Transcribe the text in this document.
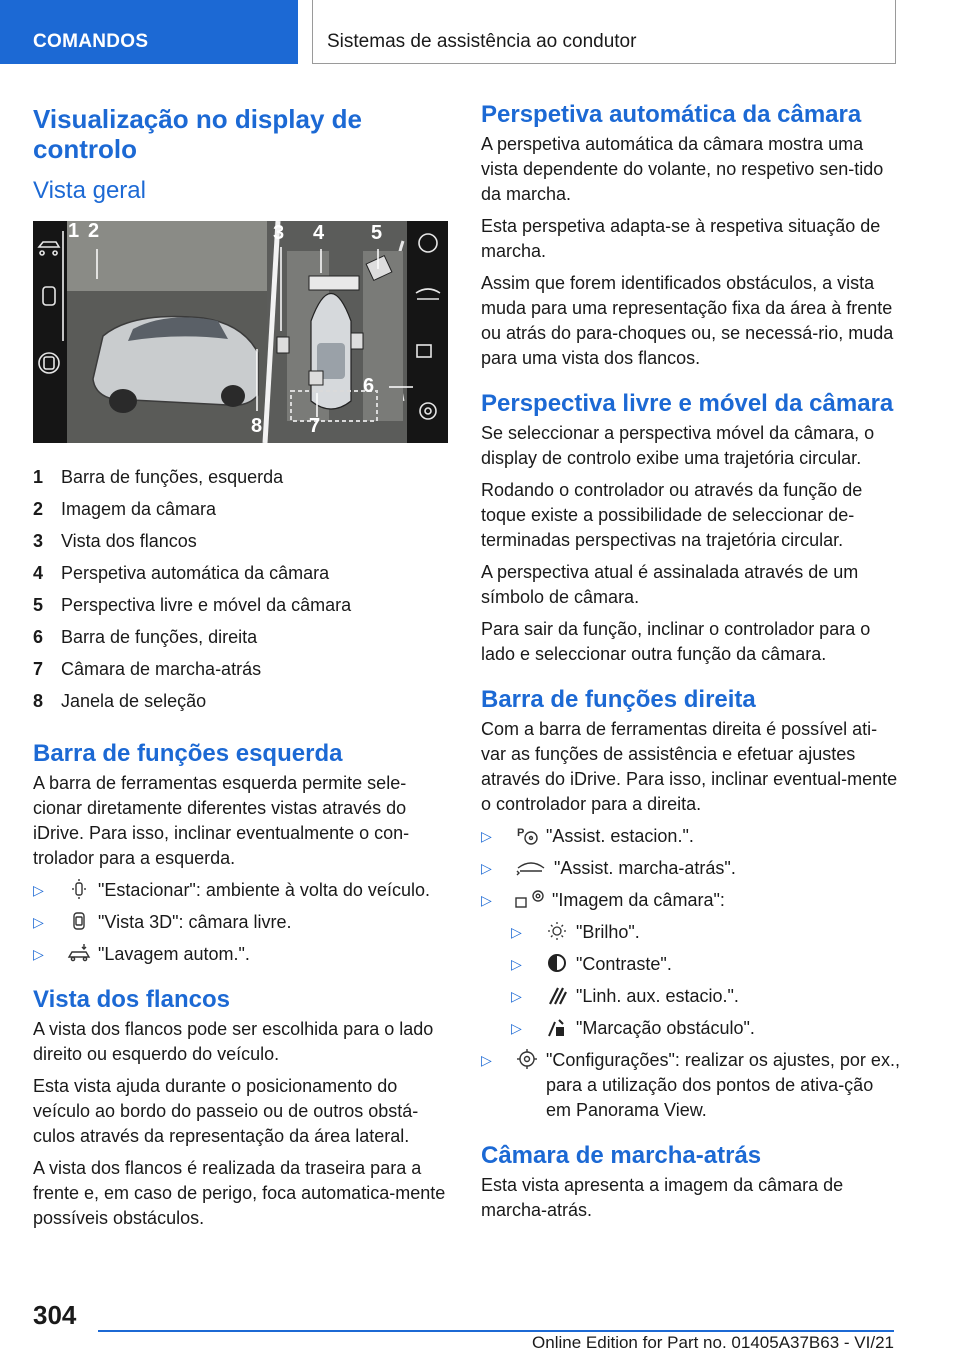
COMANDOS	Sistemas de assistência ao condutor
Visualização no display de controlo
Vista geral
1 2	3 4 5
6
7
8
1 Barra de funções, esquerda
2 Imagem da câmara
3 Vista dos flancos
4 Perspetiva automática da câmara
5 Perspectiva livre e móvel da câmara
6 Barra de funções, direita
7 Câmara de marcha-atrás
8 Janela de seleção
Barra de funções esquerda

A barra de ferramentas esquerda permite sele‐cionar diretamente diferentes vistas através do iDrive. Para isso, inclinar eventualmente o con‐trolador para a esquerda.

▷	"Estacionar": ambiente à volta do veículo.
▷	"Vista 3D": câmara livre.
▷	"Lavagem autom.".
Vista dos flancos

A vista dos flancos pode ser escolhida para o lado direito ou esquerdo do veículo.

Esta vista ajuda durante o posicionamento do veículo ao bordo do passeio ou de outros obstá‐culos através da representação da área lateral.

A vista dos flancos é realizada da traseira para a frente e, em caso de perigo, foca automatica‐mente possíveis obstáculos.

Perspetiva automática da câmara

A perspetiva automática da câmara mostra uma vista dependente do volante, no respetivo sen‐tido da marcha.

Esta perspetiva adapta-se à respetiva situação de marcha.

Assim que forem identificados obstáculos, a vista muda para uma representação fixa da área à frente ou atrás do para-choques ou, se necessá‐rio, muda para uma vista dos flancos.

Perspectiva livre e móvel da câmara

Se seleccionar a perspectiva móvel da câmara, o display de controlo exibe uma trajetória circular.

Rodando o controlador ou através da função de toque existe a possibilidade de seleccionar de‐terminadas perspectivas na trajetória circular.

A perspectiva atual é assinalada através de um símbolo de câmara.

Para sair da função, inclinar o controlador para o lado e seleccionar outra função da câmara.

Barra de funções direita

Com a barra de ferramentas direita é possível ati‐var as funções de assistência e efetuar ajustes através do iDrive. Para isso, inclinar eventual‐mente o controlador para a direita.

▷ P "Assist. estacion.".
▷	"Assist. marcha-atrás".
▷	"Imagem da câmara":
▷	"Brilho".
▷	"Contraste".
▷	"Linh. aux. estacio.".
▷	"Marcação obstáculo".
▷	"Configurações": realizar os ajustes, por ex., para a utilização dos pontos de ativa‐ção em Panorama View.
Câmara de marcha-atrás

Esta vista apresenta a imagem da câmara de marcha-atrás.

304
Online Edition for Part no. 01405A37B63 - VI/21
